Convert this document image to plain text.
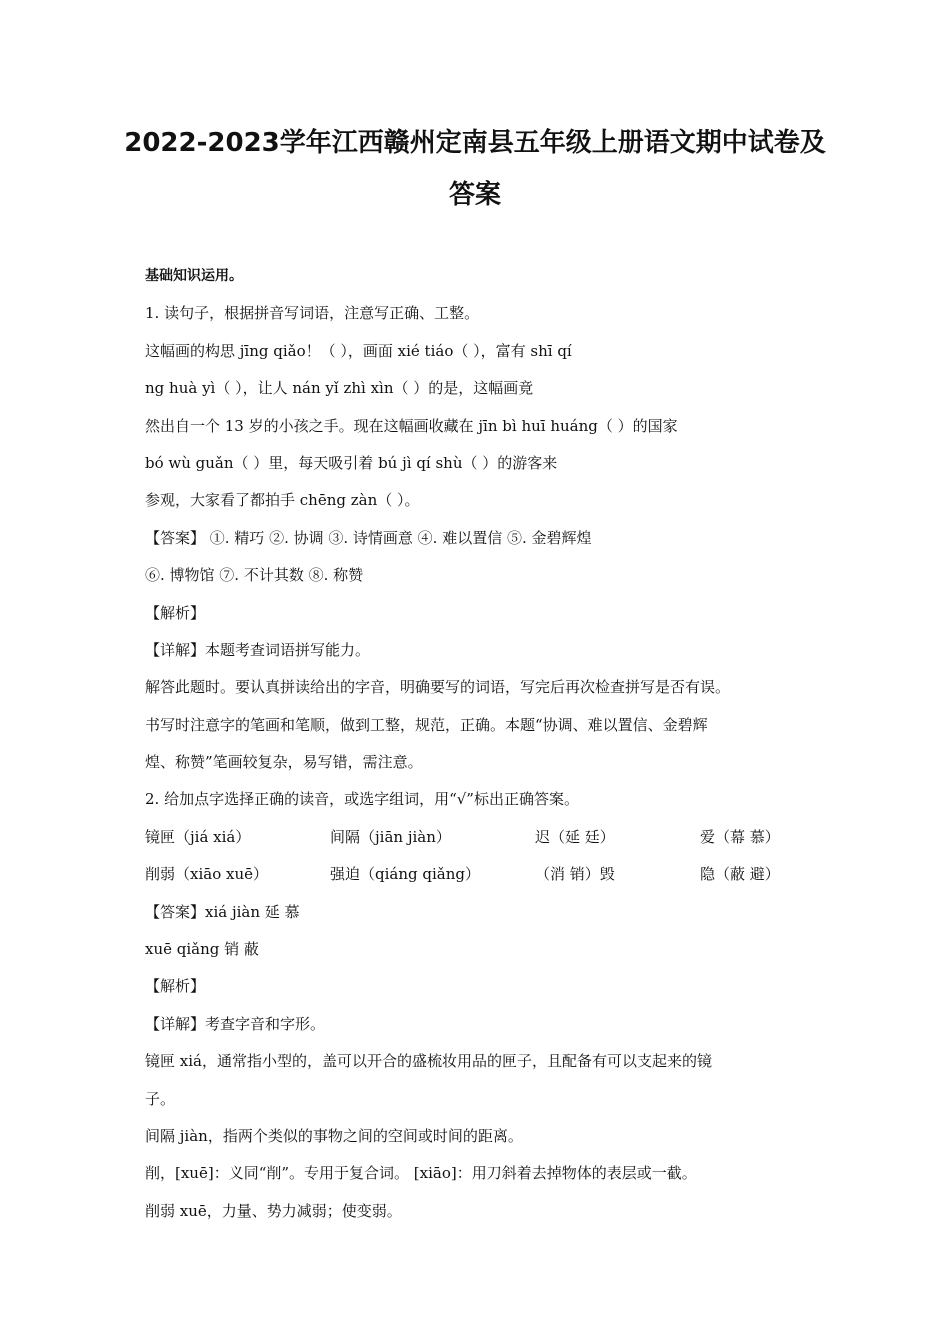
2022-2023学年江西赣州定南县五年级上册语文期中试卷及
答案
基础知识运用。
1. 读句子，根据拼音写词语，注意写正确、工整。
这幅画的构思 jīng qiǎo！（ ），画面 xié tiáo（ ），富有 shī qí
ng huà yì（ ），让人 nán yǐ zhì xìn（ ）的是，这幅画竟
然出自一个 13 岁的小孩之手。现在这幅画收藏在 jīn bì huī huáng（ ）的国家
bó wù guǎn（ ）里，每天吸引着 bú jì qí shù（ ）的游客来
参观，大家看了都拍手 chēng zàn（ ）。
【答案】 ①. 精巧 ②. 协调 ③. 诗情画意 ④. 难以置信 ⑤. 金碧辉煌
⑥. 博物馆 ⑦. 不计其数 ⑧. 称赞
【解析】
【详解】本题考查词语拼写能力。
解答此题时。要认真拼读给出的字音，明确要写的词语，写完后再次检查拼写是否有误。
书写时注意字的笔画和笔顺，做到工整，规范，正确。本题“协调、难以置信、金碧辉
煌、称赞”笔画较复杂，易写错，需注意。
2. 给加点字选择正确的读音，或选字组词，用“√”标出正确答案。
镜匣（jiá xiá）	间隔（jiān jiàn）	迟（延 廷）	爱（幕 慕）
削弱（xiāo xuē）	强迫（qiáng qiǎng）	（消 销）毁	隐（蔽 避）
【答案】xiá jiàn 延 慕
xuē qiǎng 销 蔽
【解析】
【详解】考查字音和字形。
镜匣 xiá，通常指小型的，盖可以开合的盛梳妆用品的匣子，且配备有可以支起来的镜
子。
间隔 jiàn，指两个类似的事物之间的空间或时间的距离。
削，[xuē]：义同“削”。专用于复合词。 [xiāo]：用刀斜着去掉物体的表层或一截。
削弱 xuē，力量、势力减弱；使变弱。
